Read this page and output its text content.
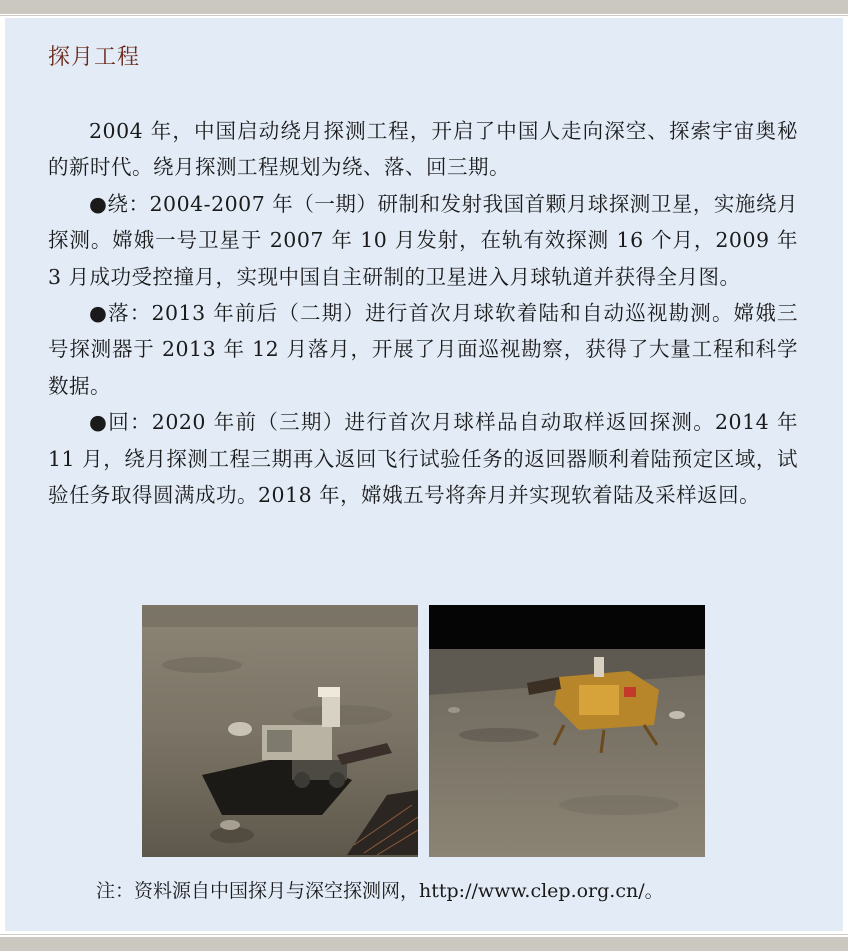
探月工程

2004 年，中国启动绕月探测工程，开启了中国人走向深空、探索宇宙奥秘的新时代。绕月探测工程规划为绕、落、回三期。

●绕：2004-2007 年（一期）研制和发射我国首颗月球探测卫星，实施绕月探测。嫦娥一号卫星于 2007 年 10 月发射，在轨有效探测 16 个月，2009 年 3 月成功受控撞月，实现中国自主研制的卫星进入月球轨道并获得全月图。

●落：2013 年前后（二期）进行首次月球软着陆和自动巡视勘测。嫦娥三号探测器于 2013 年 12 月落月，开展了月面巡视勘察，获得了大量工程和科学数据。

●回：2020 年前（三期）进行首次月球样品自动取样返回探测。2014 年 11 月，绕月探测工程三期再入返回飞行试验任务的返回器顺利着陆预定区域，试验任务取得圆满成功。2018 年，嫦娥五号将奔月并实现软着陆及采样返回。

注：资料源自中国探月与深空探测网，http://www.clep.org.cn/。
